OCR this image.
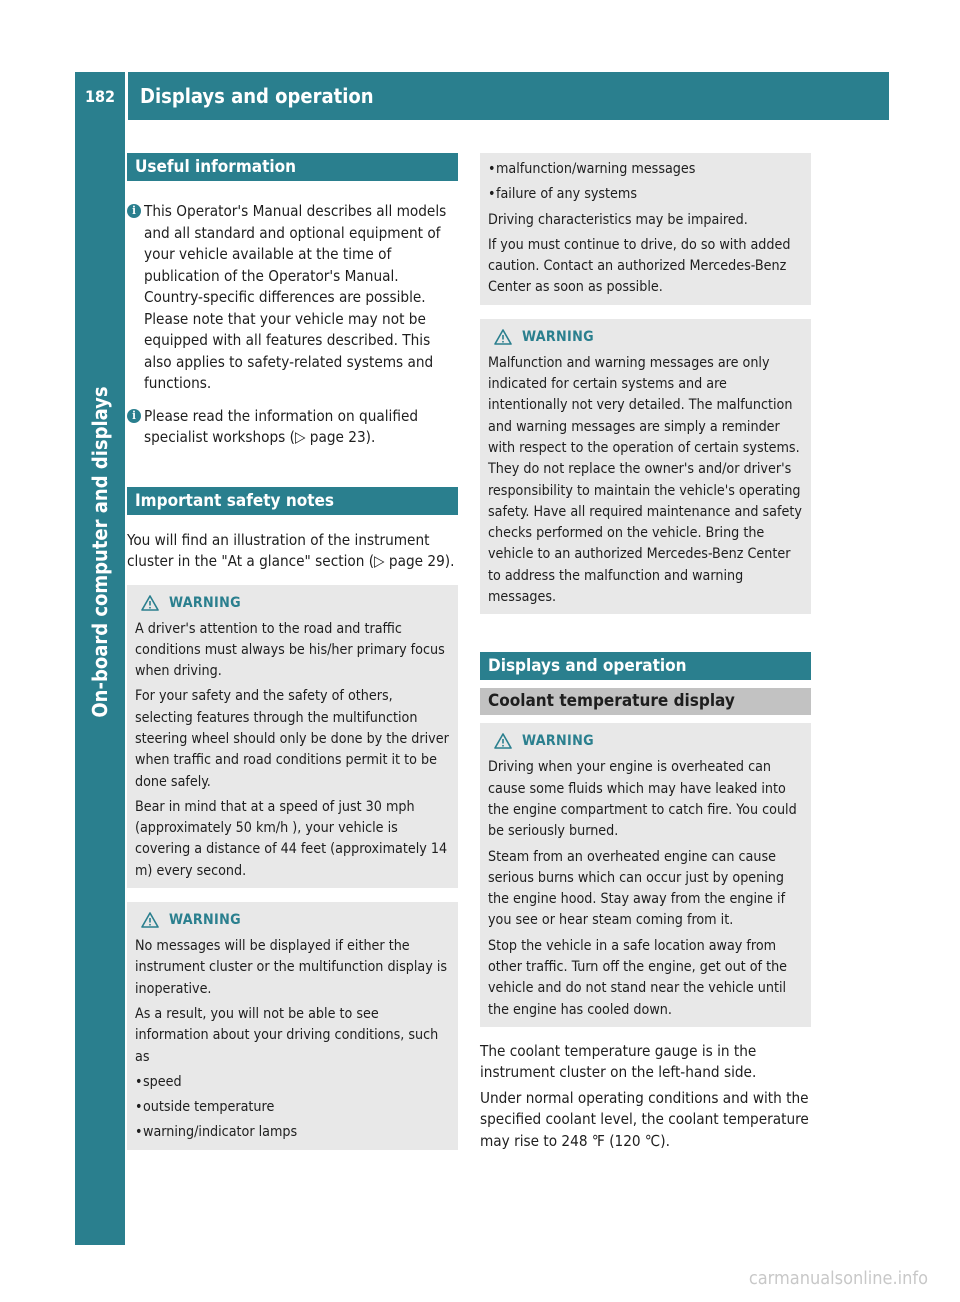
182	Displays and operation
On-board computer and displays
Useful information
i This Operator's Manual describes all models and all standard and optional equipment of your vehicle available at the time of publication of the Operator's Manual. Country-specific differences are possible. Please note that your vehicle may not be equipped with all features described. This also applies to safety-related systems and functions.
i Please read the information on qualified specialist workshops (▷ page 23).
Important safety notes

You will find an illustration of the instrument cluster in the "At a glance" section (▷ page 29).

WARNING

A driver's attention to the road and traffic conditions must always be his/her primary focus when driving.

For your safety and the safety of others, selecting features through the multifunction steering wheel should only be done by the driver when traffic and road conditions permit it to be done safely.

Bear in mind that at a speed of just 30 mph (approximately 50 km/h ), your vehicle is covering a distance of 44 feet (approximately 14 m) every second.

WARNING

No messages will be displayed if either the instrument cluster or the multifunction display is inoperative.

As a result, you will not be able to see information about your driving conditions, such as

• speed

• outside temperature

• warning/indicator lamps

• malfunction/warning messages

• failure of any systems

Driving characteristics may be impaired.

If you must continue to drive, do so with added caution. Contact an authorized Mercedes-Benz Center as soon as possible.

WARNING

Malfunction and warning messages are only indicated for certain systems and are intentionally not very detailed. The malfunction and warning messages are simply a reminder with respect to the operation of certain systems. They do not replace the owner's and/or driver's responsibility to maintain the vehicle's operating safety. Have all required maintenance and safety checks performed on the vehicle. Bring the vehicle to an authorized Mercedes-Benz Center to address the malfunction and warning messages.

Displays and operation
Coolant temperature display
WARNING

Driving when your engine is overheated can cause some fluids which may have leaked into the engine compartment to catch fire. You could be seriously burned.

Steam from an overheated engine can cause serious burns which can occur just by opening the engine hood. Stay away from the engine if you see or hear steam coming from it.

Stop the vehicle in a safe location away from other traffic. Turn off the engine, get out of the vehicle and do not stand near the vehicle until the engine has cooled down.

The coolant temperature gauge is in the instrument cluster on the left-hand side.

Under normal operating conditions and with the specified coolant level, the coolant temperature may rise to 248 ℉ (120 ℃).

carmanualsonline.info
